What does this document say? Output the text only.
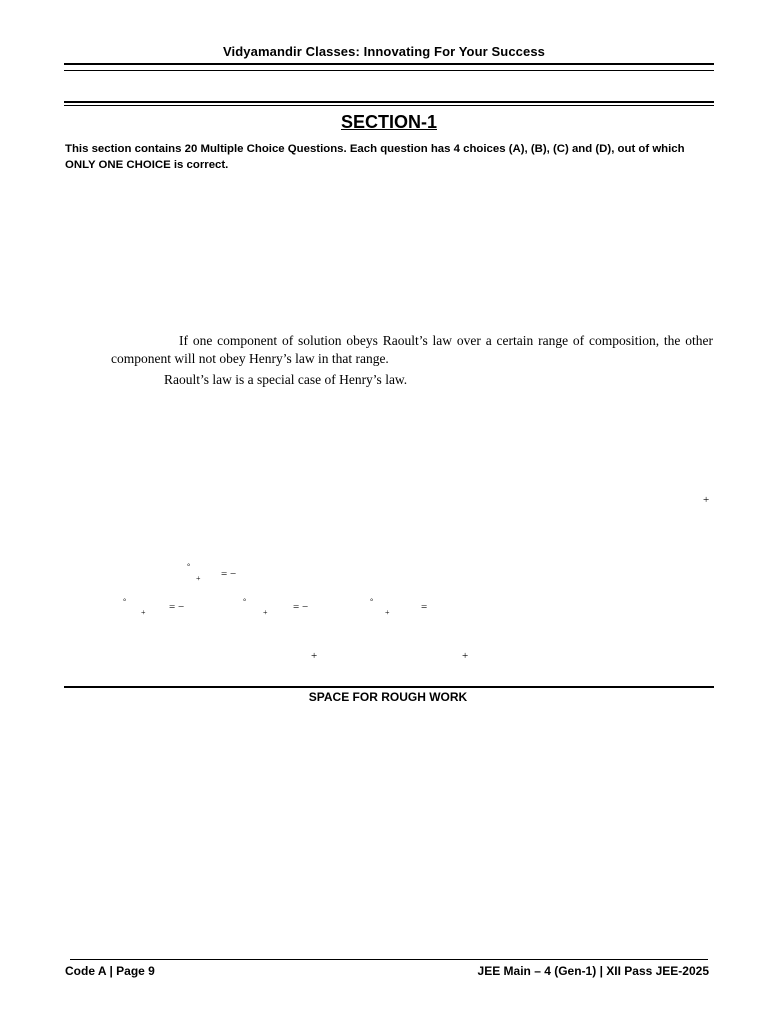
Vidyamandir Classes: Innovating For Your Success
SECTION-1
This section contains 20 Multiple Choice Questions. Each question has 4 choices (A), (B), (C) and (D), out of which ONLY ONE CHOICE is correct.
If one component of solution obeys Raoult’s law over a certain range of composition, the other component will not obey Henry’s law in that range.
Raoult’s law is a special case of Henry’s law.
+
°
+ = −
°
+ = −	°
+ = −	°
+	=
+	+
SPACE FOR ROUGH WORK
Code A | Page 9	JEE Main – 4 (Gen-1) | XII Pass JEE-2025
